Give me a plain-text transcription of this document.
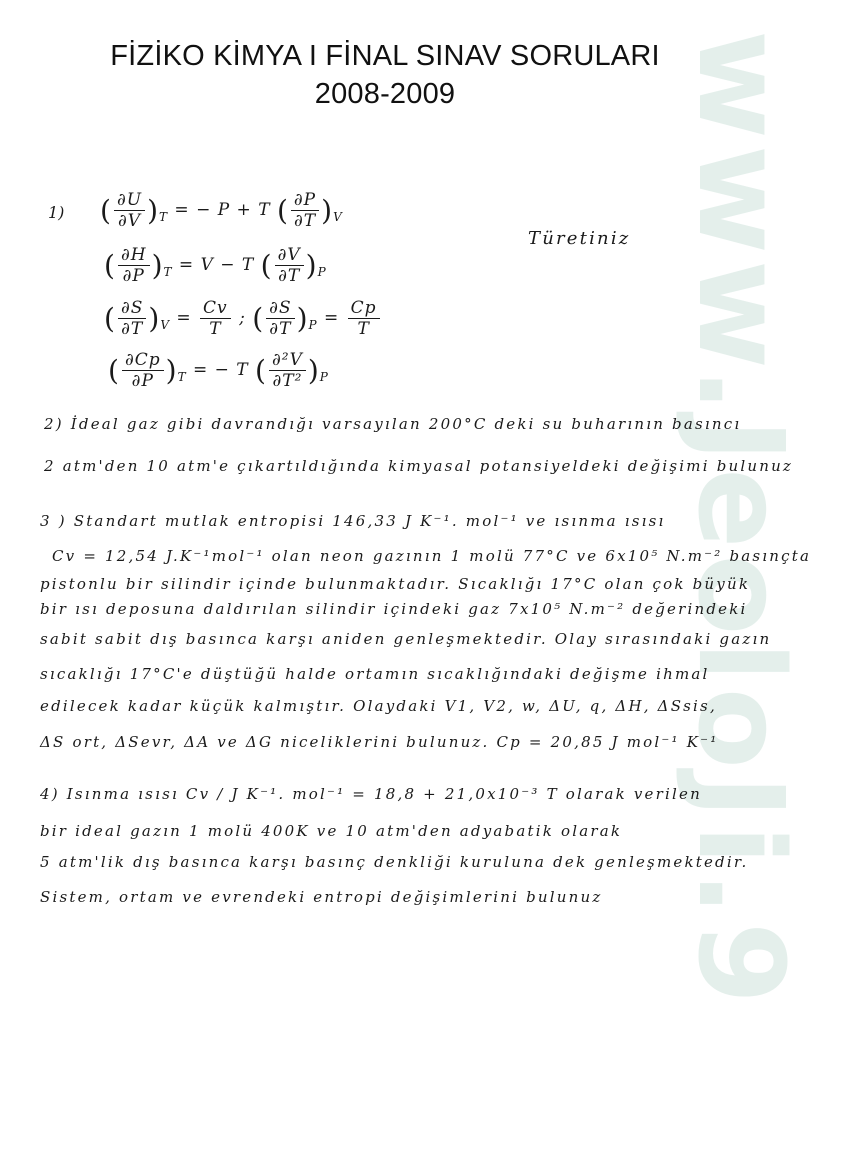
www.JeoloJi.9
FİZİKO KİMYA I FİNAL SINAV SORULARI
2008-2009
1)
Türetiniz
( $\frac{\partial U}{\partial V} )_T$ = − P + T ( $\frac{\partial P}{\partial T} )_V$
( $\frac{\partial H}{\partial P} )_T = V - T$ ( $\frac{\partial V}{\partial T} )_P$
( $\frac{\partial S}{\partial T} )_V = \frac{Cv}{T}$ ; ( $\frac{\partial S}{\partial T} )_P = \frac{Cp}{T}$
( $\frac{\partial Cp}{\partial P} )_T$ = − T ( $\frac{\text{∂²V}}{\text{∂T²}} )_P$
2) İdeal gaz gibi davrandığı varsayılan 200°C deki su buharının basıncı
2 atm'den 10 atm'e çıkartıldığında kimyasal potansiyeldeki değişimi bulunuz
3 ) Standart mutlak entropisi 146,33 J K⁻¹. mol⁻¹ ve ısınma ısısı
Cv = 12,54 J.K⁻¹mol⁻¹ olan neon gazının 1 molü 77°C ve 6x10⁵ N.m⁻² basınçta
pistonlu bir silindir içinde bulunmaktadır. Sıcaklığı 17°C olan çok büyük
bir ısı deposuna daldırılan silindir içindeki gaz 7x10⁵ N.m⁻² değerindeki
sabit sabit dış basınca karşı aniden genleşmektedir. Olay sırasındaki gazın
sıcaklığı 17°C'e düştüğü halde ortamın sıcaklığındaki değişme ihmal
edilecek kadar küçük kalmıştır. Olaydaki V1, V2, w, ΔU, q, ΔH, ΔSsis,
ΔS ort, ΔSevr, ΔA ve ΔG niceliklerini bulunuz. Cp = 20,85 J mol⁻¹ K⁻¹
4) Isınma ısısı Cv / J K⁻¹. mol⁻¹ = 18,8 + 21,0x10⁻³ T olarak verilen
bir ideal gazın 1 molü 400K ve 10 atm'den adyabatik olarak
5 atm'lik dış basınca karşı basınç denkliği kuruluna dek genleşmektedir.
Sistem, ortam ve evrendeki entropi değişimlerini bulunuz
